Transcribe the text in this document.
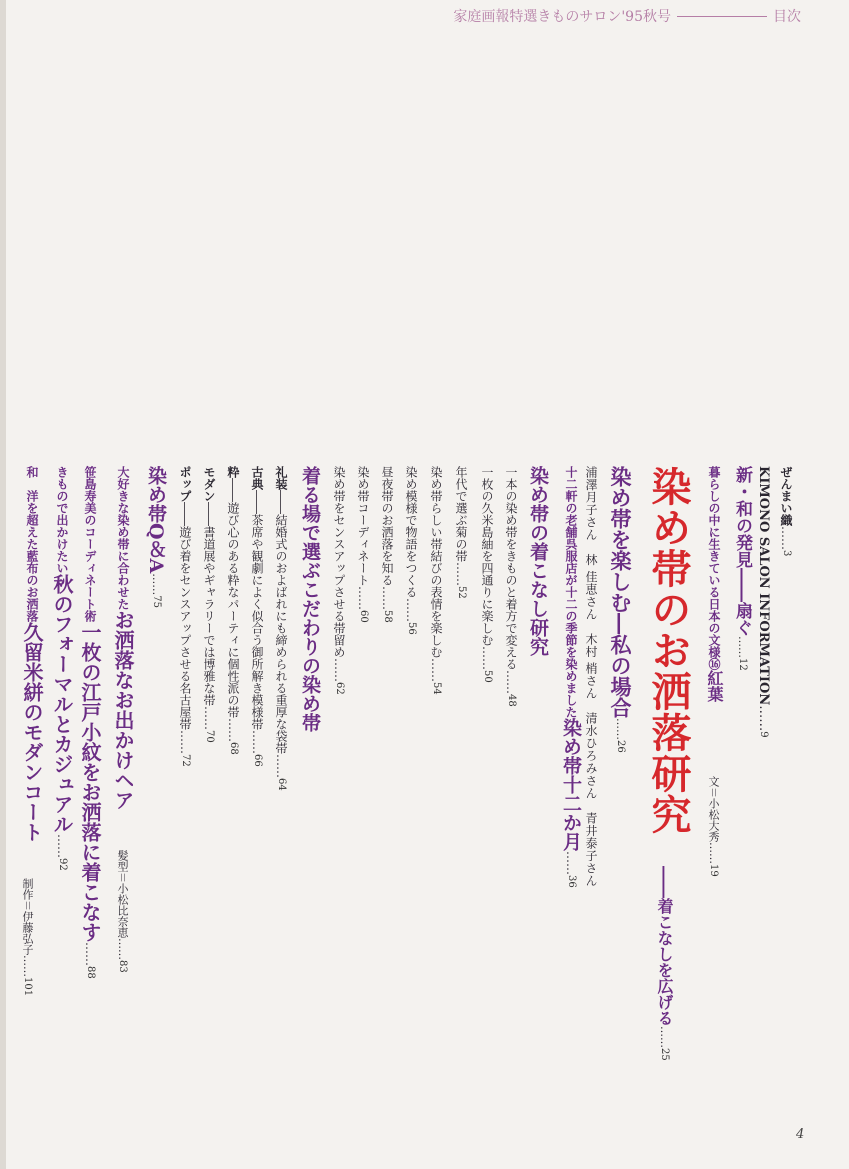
家庭画報特選きものサロン'95秋号	目次
ぜんまい織……3
KIMONO SALON INFORMATION……9
新・和の発見――扇ぐ……12
暮らしの中に生きている日本の文様⑯紅葉
文＝小松大秀……19
染め帯のお洒落研究
――着こなしを広げる……25
染め帯を楽しむ―私の場合……26
浦澤月子さん　林 佳恵さん　木村 梢さん　清水ひろみさん　青井泰子さん
十二軒の老舗呉服店が十二の季節を染めました染め帯十二か月……36
染め帯の着こなし研究
一本の染め帯をきものと着方で変える……48
一枚の久米島紬を四通りに楽しむ……50
年代で選ぶ菊の帯……52
染め帯らしい帯結びの表情を楽しむ……54
染め模様で物語をつくる……56
昼夜帯のお洒落を知る……58
染め帯コーディネート……60
染め帯をセンスアップさせる帯留め……62
着る場で選ぶこだわりの染め帯
礼装――結婚式のおよばれにも締められる重厚な袋帯……64
古典――茶席や観劇によく似合う御所解き模様帯……66
粋――遊び心のある粋なパーティに個性派の帯……68
モダン――書道展やギャラリーでは博雅な帯……70
ポップ――遊び着をセンスアップさせる名古屋帯……72
染め帯Q＆A……75
大好きな染め帯に合わせたお洒落なお出かけヘア
髪型＝小松比奈恵……83
笹島寿美のコーディネート術一枚の江戸小紋をお洒落に着こなす……88
きもので出かけたい秋のフォーマルとカジュアル……92
和　洋を超えた藍布のお洒落久留米絣のモダンコート
制作＝伊藤弘子……101
4
